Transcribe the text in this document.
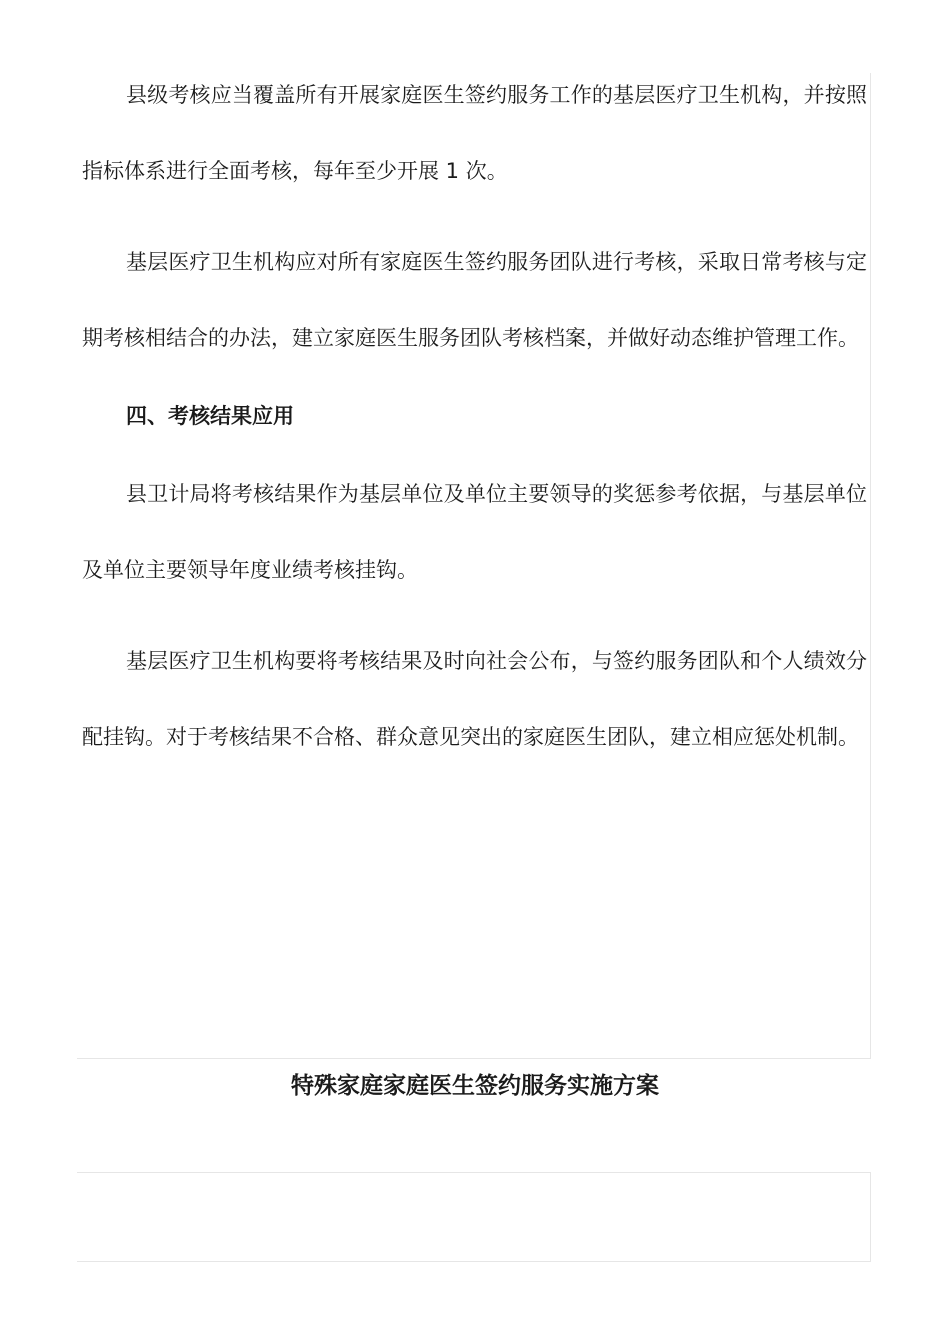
县级考核应当覆盖所有开展家庭医生签约服务工作的基层医疗卫生机构，并按照指标体系进行全面考核，每年至少开展 1 次。

基层医疗卫生机构应对所有家庭医生签约服务团队进行考核，采取日常考核与定期考核相结合的办法，建立家庭医生服务团队考核档案，并做好动态维护管理工作。

四、考核结果应用

县卫计局将考核结果作为基层单位及单位主要领导的奖惩参考依据，与基层单位及单位主要领导年度业绩考核挂钩。

基层医疗卫生机构要将考核结果及时向社会公布，与签约服务团队和个人绩效分配挂钩。对于考核结果不合格、群众意见突出的家庭医生团队，建立相应惩处机制。

特殊家庭家庭医生签约服务实施方案
